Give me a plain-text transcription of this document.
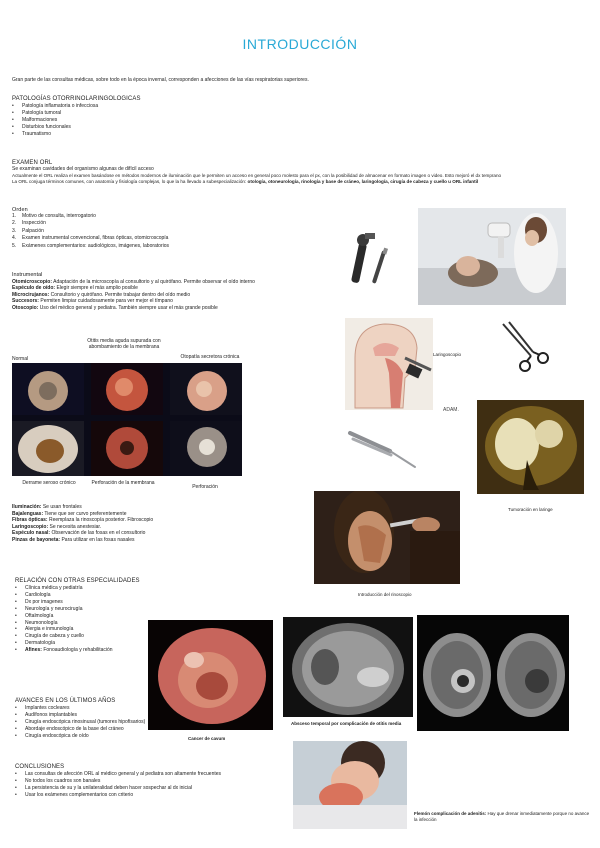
INTRODUCCIÓN
Gran parte de las consultas médicas, sobre todo en la época invernal, corresponden a afecciones de las vías respiratorias superiores.
PATOLOGÍAS OTORRINOLARINGOLOGICAS
• Patología inflamatoria o infecciosa
• Patología tumoral
• Malformaciones
• Disturbios funcionales
• Traumatismo
EXAMEN ORL
Se examinan cavidades del organismo algunas de difícil acceso
Actualmente el ORL realiza el examen basándose en métodos modernos de iluminación que le permiten un acceso en general poco molesto para el px, con la posibilidad de almacenar en formato imagen o video. Esto mejoró el dx temprano
La ORL conjuga términos comunes, con anatomía y fisiología complejas, lo que la ha llevado a subespecialización: otología, otoneurología, rinología y base de cráneo, laringología, cirugía de cabeza y cuello u ORL infantil
Orden
1. Motivo de consulta, interrogatorio
2. Inspección
3. Palpación
4. Examen instrumental convencional, fibras ópticas, otomicroscopía
5. Exámenes complementarios: audiológicos, imágenes, laboratorios
Instrumental
Otomicroscopio: Adaptación de la microscopía al consultorio y al quirófano. Permite observar el oído interno
Espéculo de oído: Elegir siempre el más amplio posible
Microcirujanos: Consultorio y quirófano. Permite trabajar dentro del oído medio
Succesors: Permiten limpiar cuidadosamente para ver mejor el tímpano
Otoscopio: Uso del médico general y pediatra. También siempre usar el más grande posible
Normal
Otitis media aguda supurada con abombamiento de la membrana
Otopatía secretora crónica
Derrame seroso crónico	Perforación de la membrana
Perforación
Laringoscopio
ADAM.
Tumoración en laringe
Iluminación: Se usan frontales
Bajalenguas: Tiene que ser curvo preferentemente
Fibras ópticas: Reemplaza la rinoscopía posterior. Fibroscopio
Laringoscopio: Se necesita anestesiar.
Espéculo nasal: Observación de las fosas en el consultorio
Pinzas de bayoneta: Para utilizar en las fosas nasales
Introducción del rinoscopio
RELACIÓN CON OTRAS ESPECIALIDADES
• Clínica médica y pediatría
• Cardiología
• Dx por imagenes
• Neurología y neurocirugía
• Oftalmología
• Neumonología
• Alergia e inmunología
• Cirugía de cabeza y cuello
• Dermatología
• Afines: Fonoaudiología y rehabilitación
Cancer de cavum
Absceso temporal por complicación de otitis media
AVANCES EN LOS ÚLTIMOS AÑOS
• Implantes cocleares
• Audífonos implantables
• Cirugía endoscópica rinosinusal (tumores hipofisarios)
• Abordaje endoscópico de la base del cráneo
• Cirugía endoscópica de oído
CONCLUSIONES
• Las consultas de afección ORL al médico general y al pediatra son altamente frecuentes
• No todos los cuadros son banales
• La persistencia de su y la unilateralidad deben hacer sospechar al dx inicial
• Usar los exámenes complementarios con criterio
Flemón complicación de adenitis: Hay que drenar inmediatamente porque no avance la infección
